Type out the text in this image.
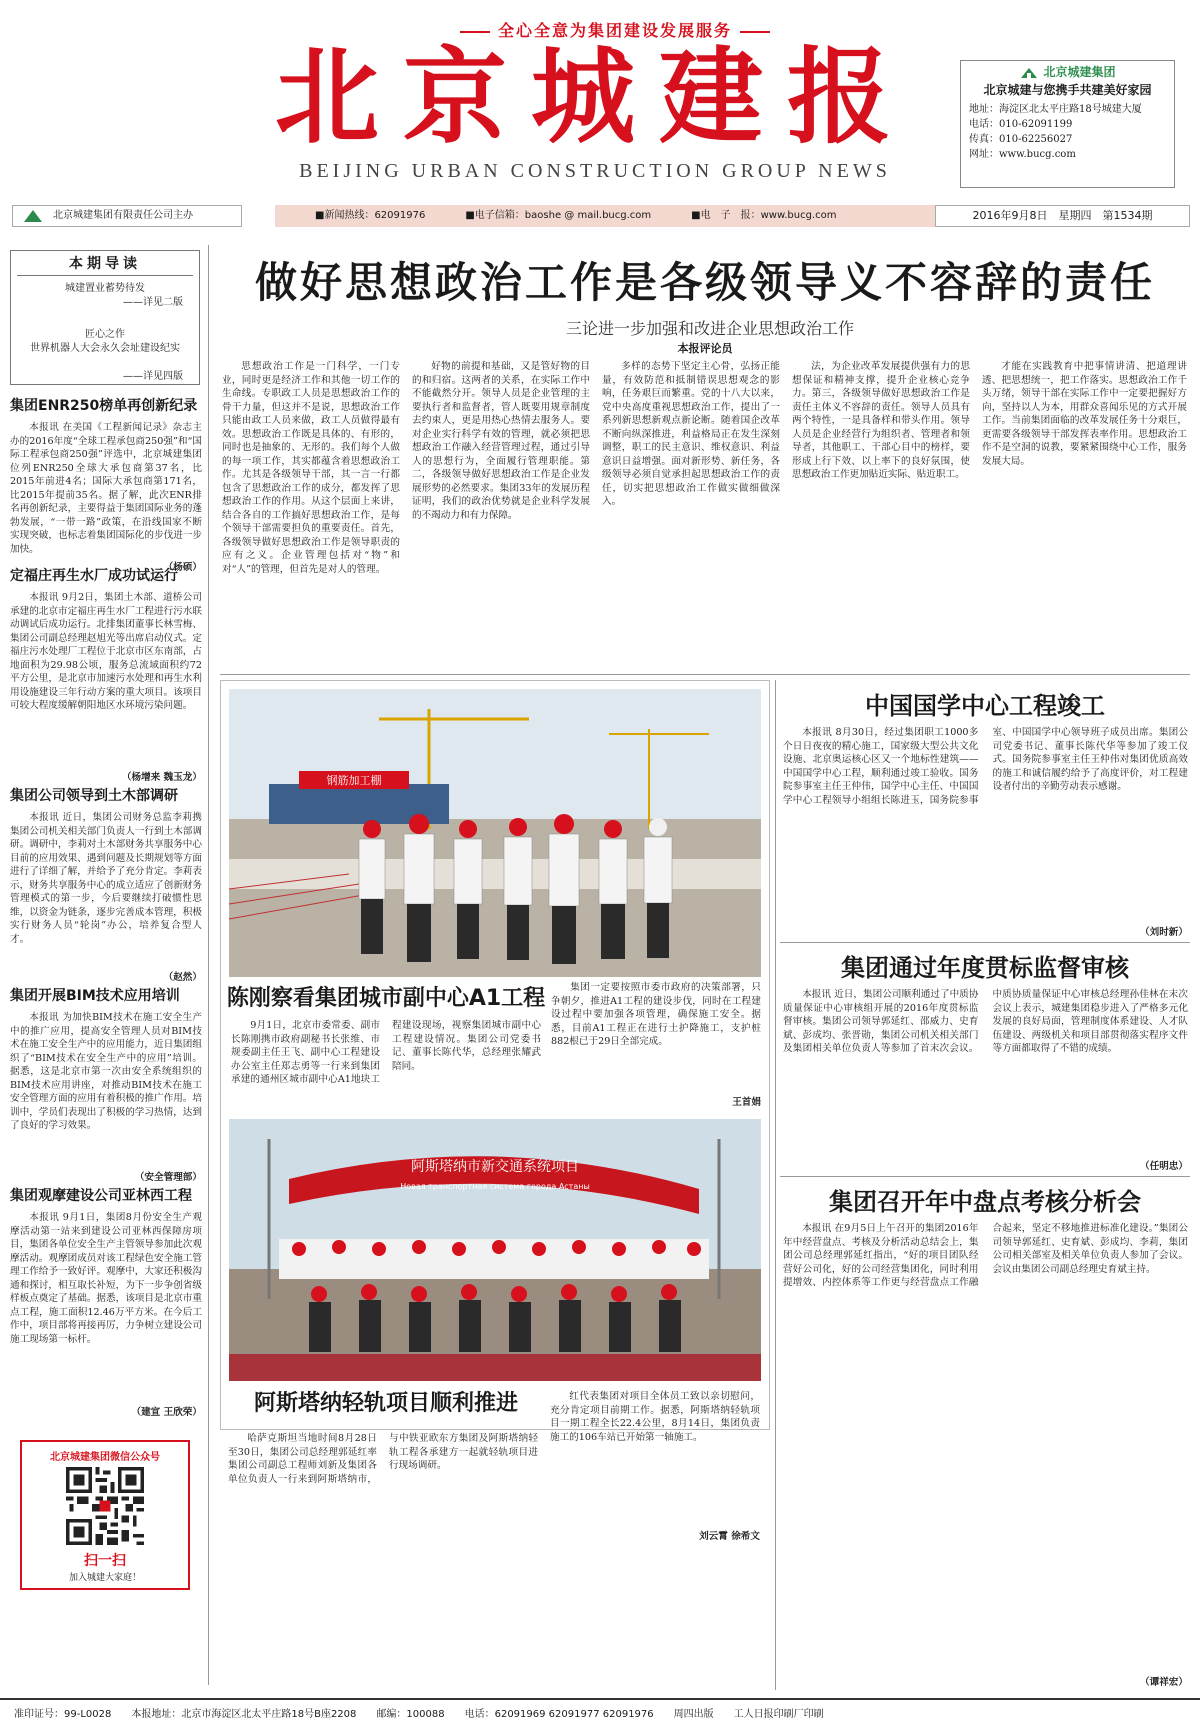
全心全意为集团建设发展服务
北京城建报
BEIJING URBAN CONSTRUCTION GROUP NEWS
北京城建集团
北京城建与您携手共建美好家园
地址：海淀区北太平庄路18号城建大厦
电话：010-62091199
传真：010-62256027
网址：www.bucg.com
北京城建集团有限责任公司主办	■新闻热线：62091976	■电子信箱：baoshe @ mail.bucg.com	■电　子　报：www.bucg.com	2016年9月8日　星期四　第1534期
本期导读
城建置业蓄势待发
——详见二版

匠心之作
世界机器人大会永久会址建设纪实

——详见四版

做好思想政治工作是各级领导义不容辞的责任
三论进一步加强和改进企业思想政治工作
本报评论员

思想政治工作是一门科学，一门专业，同时更是经济工作和其他一切工作的生命线。专职政工人员是思想政治工作的骨干力量，但这并不是说，思想政治工作只能由政工人员来做，政工人员做得最有效。思想政治工作既是具体的、有形的，同时也是抽象的、无形的。我们每个人做的每一项工作，其实都蕴含着思想政治工作。尤其是各级领导干部，其一言一行都包含了思想政治工作的成分，都发挥了思想政治工作的作用。从这个层面上来讲，结合各自的工作搞好思想政治工作，是每个领导干部需要担负的重要责任。首先，各级领导做好思想政治工作是领导职责的应有之义。企业管理包括对“物”和对“人”的管理，但首先是对人的管理。

好物的前提和基础，又是管好物的目的和归宿。这两者的关系，在实际工作中不能截然分开。领导人员是企业管理的主要执行者和监督者，管人既要用规章制度去约束人，更是用热心热情去服务人。要对企业实行科学有效的管理，就必须把思想政治工作融入经营管理过程，通过引导人的思想行为，全面履行管理职能。第二，各级领导做好思想政治工作是企业发展形势的必然要求。集团33年的发展历程证明，我们的政治优势就是企业科学发展的不竭动力和有力保障。

多样的态势下坚定主心骨，弘扬正能量，有效防范和抵制错误思想观念的影响，任务艰巨而繁重。党的十八大以来，党中央高度重视思想政治工作，提出了一系列新思想新观点新论断。随着国企改革不断向纵深推进，利益格局正在发生深刻调整，职工的民主意识、维权意识、利益意识日益增强。面对新形势、新任务，各级领导必须自觉承担起思想政治工作的责任，切实把思想政治工作做实做细做深入。

法，为企业改革发展提供强有力的思想保证和精神支撑，提升企业核心竞争力。第三，各级领导做好思想政治工作是责任主体义不容辞的责任。领导人员具有两个特性，一是具备样和带头作用。领导人员是企业经营行为组织者、管理者和领导者，其他职工、干部心目中的榜样，要形成上行下效、以上率下的良好氛围，使思想政治工作更加贴近实际、贴近职工。

才能在实践教育中把事情讲清、把道理讲透、把思想统一，把工作落实。思想政治工作千头万绪，领导干部在实际工作中一定要把握好方向，坚持以人为本，用群众喜闻乐见的方式开展工作。当前集团面临的改革发展任务十分艰巨，更需要各级领导干部发挥表率作用。思想政治工作不是空洞的说教，要紧紧围绕中心工作，服务发展大局。

集团ENR250榜单再创新纪录

本报讯 在美国《工程新闻记录》杂志主办的2016年度“全球工程承包商250强”和“国际工程承包商250强”评选中，北京城建集团位列ENR250全球大承包商第37名，比2015年前进4名；国际大承包商第171名，比2015年提前35名。据了解，此次ENR排名再创新纪录，主要得益于集团国际业务的蓬勃发展，“一带一路”政策，在沿线国家不断实现突破，也标志着集团国际化的步伐进一步加快。

（杨硕）
定福庄再生水厂成功试运行

本报讯 9月2日，集团土木部、道桥公司承建的北京市定福庄再生水厂工程进行污水联动调试后成功运行。北排集团董事长林雪梅、集团公司副总经理赵旭光等出席启动仪式。定福庄污水处理厂工程位于北京市区东南部，占地面积为29.98公顷，服务总流域面积约72平方公里，是北京市加速污水处理和再生水利用设施建设三年行动方案的重大项目。该项目可较大程度缓解朝阳地区水环境污染问题。

（杨增来 魏玉龙）
集团公司领导到土木部调研

本报讯 近日，集团公司财务总监李莉携集团公司机关相关部门负责人一行到土木部调研。调研中，李莉对土木部财务共享服务中心目前的应用效果、遇到问题及长期规划等方面进行了详细了解，并给予了充分肯定。李莉表示，财务共享服务中心的成立适应了创新财务管理模式的第一步，今后要继续打破惯性思维，以资金为链条，逐步完善成本管理，积极实行财务人员“轮岗”办公，培养复合型人才。

（赵然）
集团开展BIM技术应用培训

本报讯 为加快BIM技术在施工安全生产中的推广应用，提高安全管理人员对BIM技术在施工安全生产中的应用能力，近日集团组织了“BIM技术在安全生产中的应用”培训。据悉，这是北京市第一次由安全系统组织的BIM技术应用讲座，对推动BIM技术在施工安全管理方面的应用有着积极的推广作用。培训中，学员们表现出了积极的学习热情，达到了良好的学习效果。

（安全管理部）
集团观摩建设公司亚林西工程

本报讯 9月1日，集团8月份安全生产观摩活动第一站来到建设公司亚林西保障房项目，集团各单位安全生产主管领导参加此次观摩活动。观摩团成员对该工程绿色安全施工管理工作给予一致好评。观摩中，大家还积极沟通和探讨，相互取长补短，为下一步争创省级样板点奠定了基础。据悉，该项目是北京市重点工程，施工面积12.46万平方米。在今后工作中，项目部将再接再厉，力争树立建设公司施工现场第一标杆。

（建宣 王欣荣）
北京城建集团微信公众号
扫一扫
加入城建大家庭！
钢筋加工棚
陈刚察看集团城市副中心A1工程

9月1日，北京市委常委、副市长陈刚携市政府副秘书长张维、市规委副主任王飞、副中心工程建设办公室主任郑志勇等一行来到集团承建的通州区城市副中心A1地块工程建设现场，视察集团城市副中心工程建设情况。集团公司党委书记、董事长陈代华，总经理张耀武陪同。

集团一定要按照市委市政府的决策部署，只争朝夕，推进A1工程的建设步伐，同时在工程建设过程中要加强各项管理，确保施工安全。据悉，目前A1工程正在进行土护降施工，支护桩882根已于29日全部完成。

王首娟
阿斯塔纳市新交通系统项目
Новая транспортная система города Астаны
阿斯塔纳轻轨项目顺利推进

哈萨克斯坦当地时间8月28日至30日，集团公司总经理郭延红率集团公司副总工程师刘新及集团各单位负责人一行来到阿斯塔纳市，与中铁亚欧东方集团及阿斯塔纳轻轨工程各承建方一起就轻轨项目进行现场调研。

红代表集团对项目全体员工致以亲切慰问，充分肯定项目前期工作。据悉，阿斯塔纳轻轨项目一期工程全长22.4公里，8月14日，集团负责施工的106车站已开始第一轴施工。

刘云霄 徐希文
中国国学中心工程竣工

本报讯 8月30日，经过集团职工1000多个日日夜夜的精心施工，国家级大型公共文化设施、北京奥运核心区又一个地标性建筑——中国国学中心工程，顺利通过竣工验收。国务院参事室主任王仲伟，国学中心主任、中国国学中心工程领导小组组长陈进玉，国务院参事室、中国国学中心领导班子成员出席。集团公司党委书记、董事长陈代华等参加了竣工仪式。国务院参事室主任王仲伟对集团优质高效的施工和诚信履约给予了高度评价，对工程建设者付出的辛勤劳动表示感谢。

（刘时新）
集团通过年度贯标监督审核

本报讯 近日，集团公司顺利通过了中质协质量保证中心审核组开展的2016年度贯标监督审核。集团公司领导郭延红、邵威力、史育斌、彭成均、张晋勋，集团公司机关相关部门及集团相关单位负责人等参加了首末次会议。中质协质量保证中心审核总经理孙佳林在末次会议上表示，城建集团稳步进入了严格多元化发展的良好局面，管理制度体系建设、人才队伍建设、两级机关和项目部贯彻落实程序文件等方面都取得了不错的成绩。

（任明忠）
集团召开年中盘点考核分析会

本报讯 在9月5日上午召开的集团2016年年中经营盘点、考核及分析活动总结会上，集团公司总经理郭延红指出，“好的项目团队经营好公司化，好的公司经营集团化，同时利用提增效、内控体系等工作更与经营盘点工作融合起来，坚定不移地推进标准化建设。”集团公司领导郭延红、史育斌、彭成均、李莉，集团公司相关部室及相关单位负责人参加了会议。会议由集团公司副总经理史育斌主持。

（谭祥宏）
准印证号：99-L0028 本报地址：北京市海淀区北太平庄路18号B座2208 邮编：100088 电话：62091969 62091977 62091976 周四出版 工人日报印刷厂印刷
